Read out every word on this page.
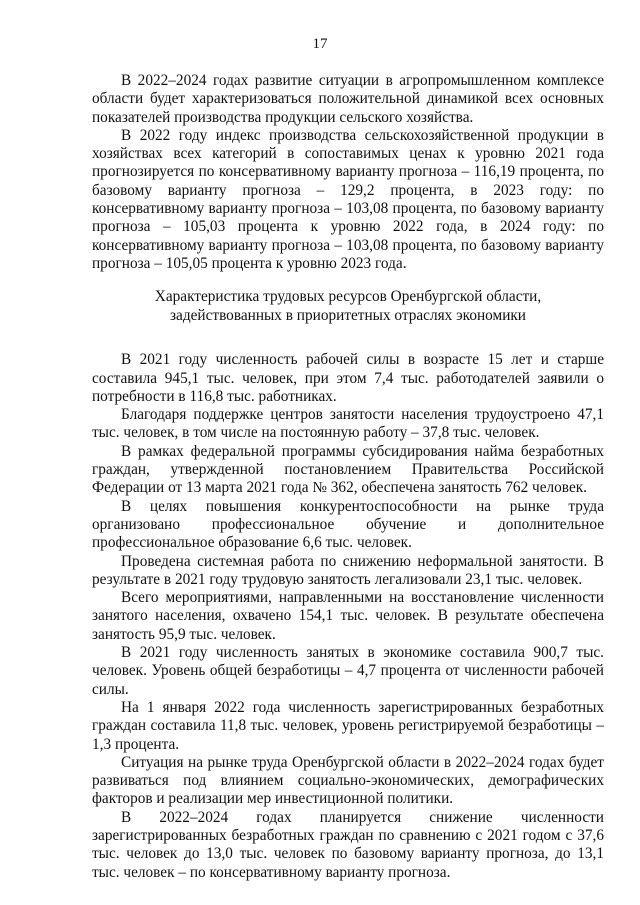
17

В 2022–2024 годах развитие ситуации в агропромышленном комплексе области будет характеризоваться положительной динамикой всех основных показателей производства продукции сельского хозяйства.

В 2022 году индекс производства сельскохозяйственной продукции в хозяйствах всех категорий в сопоставимых ценах к уровню 2021 года прогнозируется по консервативному варианту прогноза – 116,19 процента, по базовому варианту прогноза – 129,2 процента, в 2023 году: по консервативному варианту прогноза – 103,08 процента, по базовому варианту прогноза – 105,03 процента к уровню 2022 года, в 2024 году: по консервативному варианту прогноза – 103,08 процента, по базовому варианту прогноза – 105,05 процента к уровню 2023 года.

Характеристика трудовых ресурсов Оренбургской области,
задействованных в приоритетных отраслях экономики

В 2021 году численность рабочей силы в возрасте 15 лет и старше составила 945,1 тыс. человек, при этом 7,4 тыс. работодателей заявили о потребности в 116,8 тыс. работниках.

Благодаря поддержке центров занятости населения трудоустроено 47,1 тыс. человек, в том числе на постоянную работу – 37,8 тыс. человек.

В рамках федеральной программы субсидирования найма безработных граждан, утвержденной постановлением Правительства Российской Федерации от 13 марта 2021 года № 362, обеспечена занятость 762 человек.

В целях повышения конкурентоспособности на рынке труда организовано профессиональное обучение и дополнительное профессиональное образование 6,6 тыс. человек.

Проведена системная работа по снижению неформальной занятости. В результате в 2021 году трудовую занятость легализовали 23,1 тыс. человек.

Всего мероприятиями, направленными на восстановление численности занятого населения, охвачено 154,1 тыс. человек. В результате обеспечена занятость 95,9 тыс. человек.

В 2021 году численность занятых в экономике составила 900,7 тыс. человек. Уровень общей безработицы – 4,7 процента от численности рабочей силы.

На 1 января 2022 года численность зарегистрированных безработных граждан составила 11,8 тыс. человек, уровень регистрируемой безработицы – 1,3 процента.

Ситуация на рынке труда Оренбургской области в 2022–2024 годах будет развиваться под влиянием социально-экономических, демографических факторов и реализации мер инвестиционной политики.

В 2022–2024 годах планируется снижение численности зарегистрированных безработных граждан по сравнению с 2021 годом с 37,6 тыс. человек до 13,0 тыс. человек по базовому варианту прогноза, до 13,1 тыс. человек – по консервативному варианту прогноза.
